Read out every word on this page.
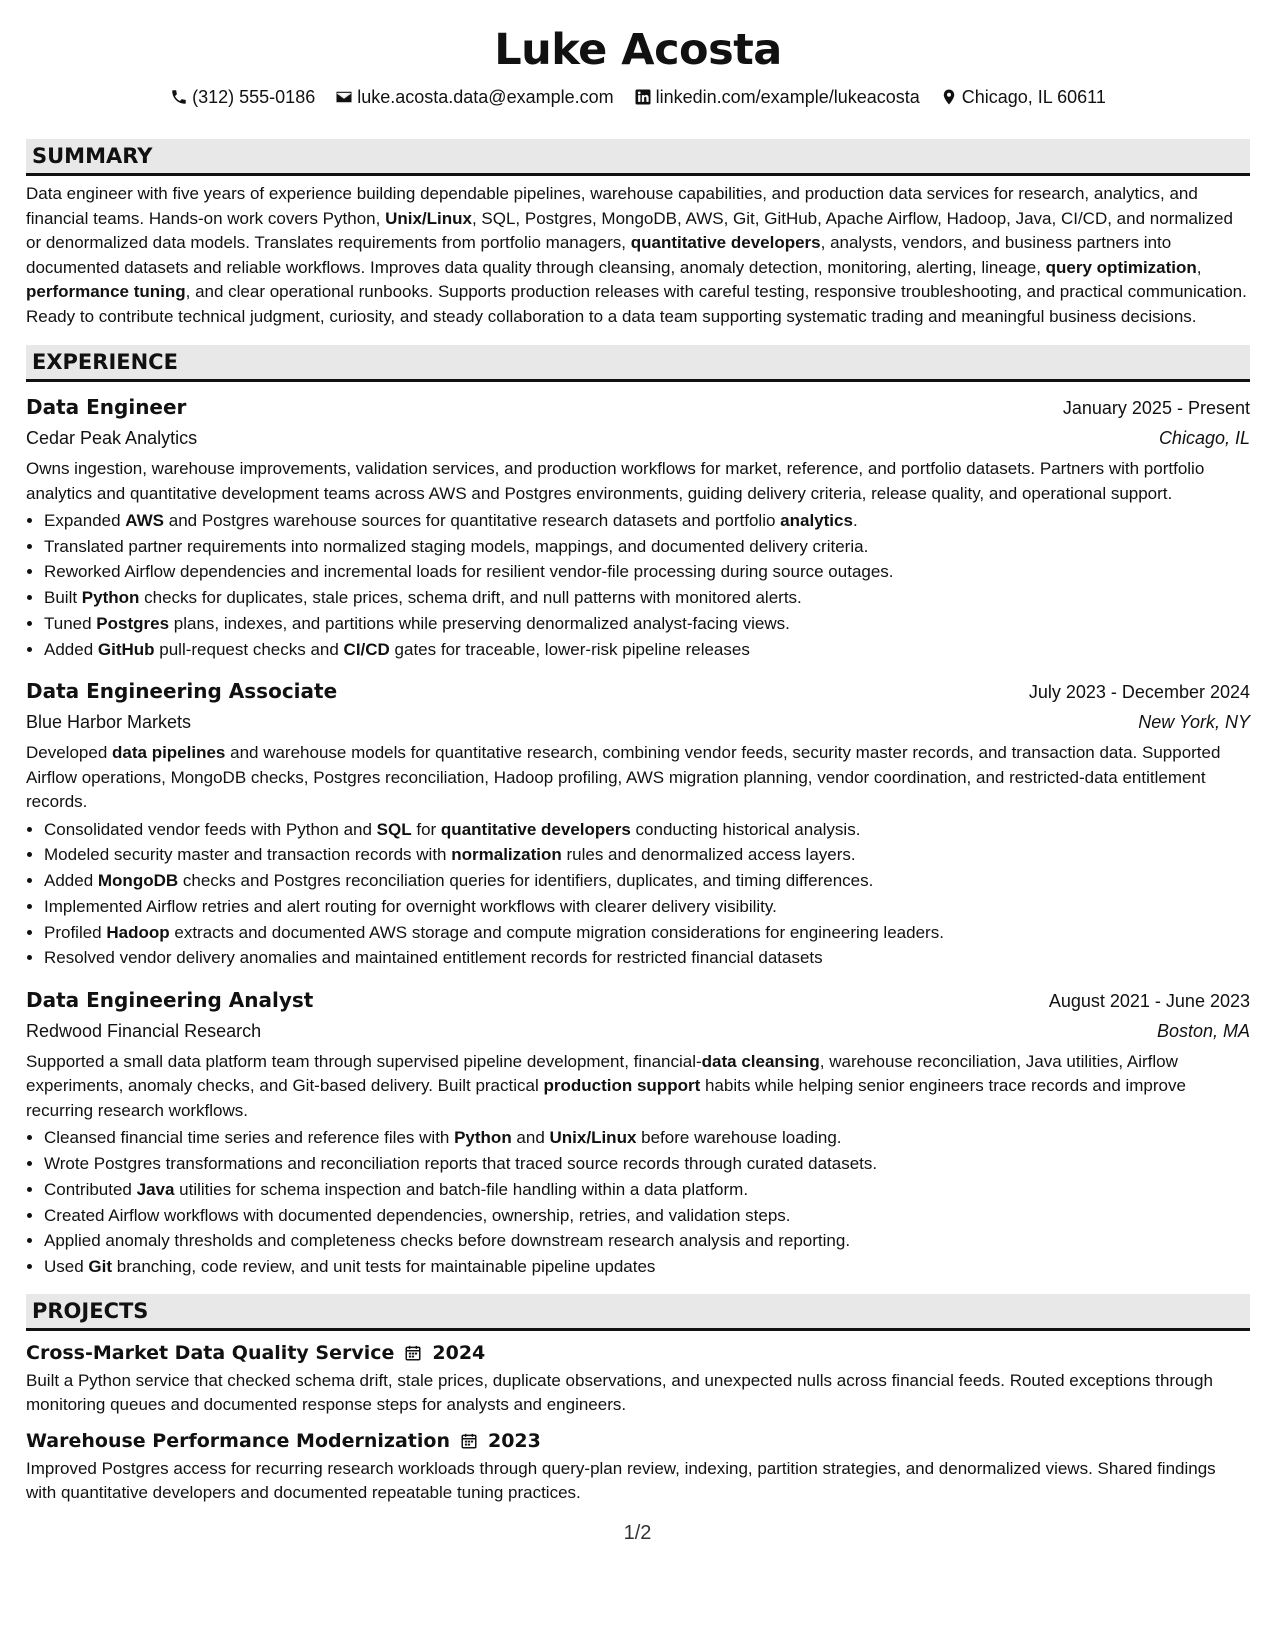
Luke Acosta
(312) 555-0186 luke.acosta.data@example.com linkedin.com/example/lukeacosta Chicago, IL 60611
SUMMARY

Data engineer with five years of experience building dependable pipelines, warehouse capabilities, and production data services for research, analytics, and financial teams. Hands-on work covers Python, Unix/Linux, SQL, Postgres, MongoDB, AWS, Git, GitHub, Apache Airflow, Hadoop, Java, CI/CD, and normalized or denormalized data models. Translates requirements from portfolio managers, quantitative developers, analysts, vendors, and business partners into documented datasets and reliable workflows. Improves data quality through cleansing, anomaly detection, monitoring, alerting, lineage, query optimization, performance tuning, and clear operational runbooks. Supports production releases with careful testing, responsive troubleshooting, and practical communication. Ready to contribute technical judgment, curiosity, and steady collaboration to a data team supporting systematic trading and meaningful business decisions.

EXPERIENCE
Data Engineer	January 2025 - Present
Cedar Peak Analytics	Chicago, IL

Owns ingestion, warehouse improvements, validation services, and production workflows for market, reference, and portfolio datasets. Partners with portfolio analytics and quantitative development teams across AWS and Postgres environments, guiding delivery criteria, release quality, and operational support.

• Expanded AWS and Postgres warehouse sources for quantitative research datasets and portfolio analytics.
• Translated partner requirements into normalized staging models, mappings, and documented delivery criteria.
• Reworked Airflow dependencies and incremental loads for resilient vendor-file processing during source outages.
• Built Python checks for duplicates, stale prices, schema drift, and null patterns with monitored alerts.
• Tuned Postgres plans, indexes, and partitions while preserving denormalized analyst-facing views.
• Added GitHub pull-request checks and CI/CD gates for traceable, lower-risk pipeline releases
Data Engineering Associate	July 2023 - December 2024
Blue Harbor Markets	New York, NY

Developed data pipelines and warehouse models for quantitative research, combining vendor feeds, security master records, and transaction data. Supported Airflow operations, MongoDB checks, Postgres reconciliation, Hadoop profiling, AWS migration planning, vendor coordination, and restricted-data entitlement records.

• Consolidated vendor feeds with Python and SQL for quantitative developers conducting historical analysis.
• Modeled security master and transaction records with normalization rules and denormalized access layers.
• Added MongoDB checks and Postgres reconciliation queries for identifiers, duplicates, and timing differences.
• Implemented Airflow retries and alert routing for overnight workflows with clearer delivery visibility.
• Profiled Hadoop extracts and documented AWS storage and compute migration considerations for engineering leaders.
• Resolved vendor delivery anomalies and maintained entitlement records for restricted financial datasets
Data Engineering Analyst	August 2021 - June 2023
Redwood Financial Research	Boston, MA

Supported a small data platform team through supervised pipeline development, financial-data cleansing, warehouse reconciliation, Java utilities, Airflow experiments, anomaly checks, and Git-based delivery. Built practical production support habits while helping senior engineers trace records and improve recurring research workflows.

• Cleansed financial time series and reference files with Python and Unix/Linux before warehouse loading.
• Wrote Postgres transformations and reconciliation reports that traced source records through curated datasets.
• Contributed Java utilities for schema inspection and batch-file handling within a data platform.
• Created Airflow workflows with documented dependencies, ownership, retries, and validation steps.
• Applied anomaly thresholds and completeness checks before downstream research analysis and reporting.
• Used Git branching, code review, and unit tests for maintainable pipeline updates
PROJECTS
Cross-Market Data Quality Service 2024
Built a Python service that checked schema drift, stale prices, duplicate observations, and unexpected nulls across financial feeds. Routed exceptions through monitoring queues and documented response steps for analysts and engineers.
Warehouse Performance Modernization 2023
Improved Postgres access for recurring research workloads through query-plan review, indexing, partition strategies, and denormalized views. Shared findings with quantitative developers and documented repeatable tuning practices.
1/2
